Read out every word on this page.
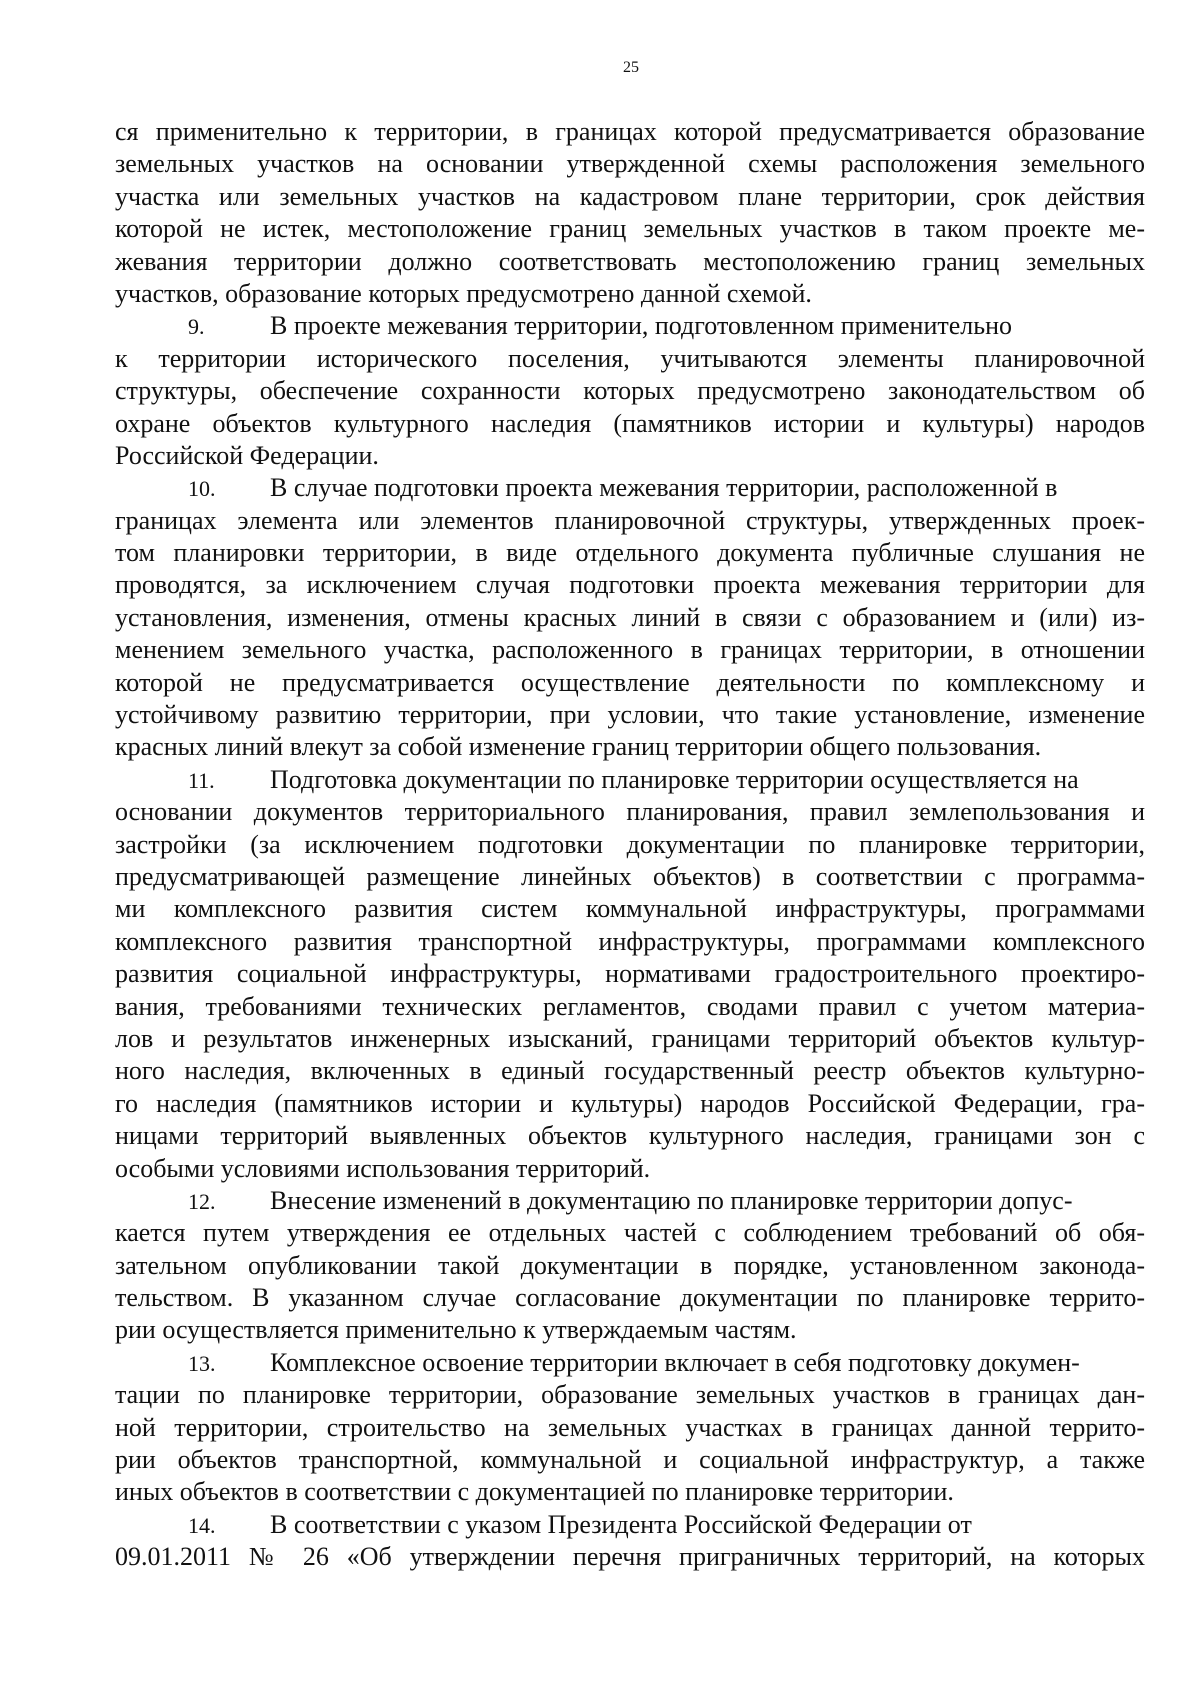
25
ся применительно к территории, в границах которой предусматривается образование
земельных участков на основании утвержденной схемы расположения земельного
участка или земельных участков на кадастровом плане территории, срок действия
которой не истек, местоположение границ земельных участков в таком проекте ме-
жевания территории должно соответствовать местоположению границ земельных
участков, образование которых предусмотрено данной схемой.
9.	В проекте межевания территории, подготовленном применительно
к территории исторического поселения, учитываются элементы планировочной
структуры, обеспечение сохранности которых предусмотрено законодательством об
охране объектов культурного наследия (памятников истории и культуры) народов
Российской Федерации.
10. В случае подготовки проекта межевания территории, расположенной в
границах элемента или элементов планировочной структуры, утвержденных проек-
том планировки территории, в виде отдельного документа публичные слушания не
проводятся, за исключением случая подготовки проекта межевания территории для
установления, изменения, отмены красных линий в связи с образованием и (или) из-
менением земельного участка, расположенного в границах территории, в отношении
которой не предусматривается осуществление деятельности по комплексному и
устойчивому развитию территории, при условии, что такие установление, изменение
красных линий влекут за собой изменение границ территории общего пользования.
11. Подготовка документации по планировке территории осуществляется на
основании документов территориального планирования, правил землепользования и
застройки (за исключением подготовки документации по планировке территории,
предусматривающей размещение линейных объектов) в соответствии с программа-
ми комплексного развития систем коммунальной инфраструктуры, программами
комплексного развития транспортной инфраструктуры, программами комплексного
развития социальной инфраструктуры, нормативами градостроительного проектиро-
вания, требованиями технических регламентов, сводами правил с учетом материа-
лов и результатов инженерных изысканий, границами территорий объектов культур-
ного наследия, включенных в единый государственный реестр объектов культурно-
го наследия (памятников истории и культуры) народов Российской Федерации, гра-
ницами территорий выявленных объектов культурного наследия, границами зон с
особыми условиями использования территорий.
12. Внесение изменений в документацию по планировке территории допус-
кается путем утверждения ее отдельных частей с соблюдением требований об обя-
зательном опубликовании такой документации в порядке, установленном законода-
тельством. В указанном случае согласование документации по планировке террито-
рии осуществляется применительно к утверждаемым частям.
13. Комплексное освоение территории включает в себя подготовку докумен-
тации по планировке территории, образование земельных участков в границах дан-
ной территории, строительство на земельных участках в границах данной террито-
рии объектов транспортной, коммунальной и социальной инфраструктур, а также
иных объектов в соответствии с документацией по планировке территории.
14. В соответствии с указом Президента Российской Федерации от
09.01.2011 № 26 «Об утверждении перечня приграничных территорий, на которых
